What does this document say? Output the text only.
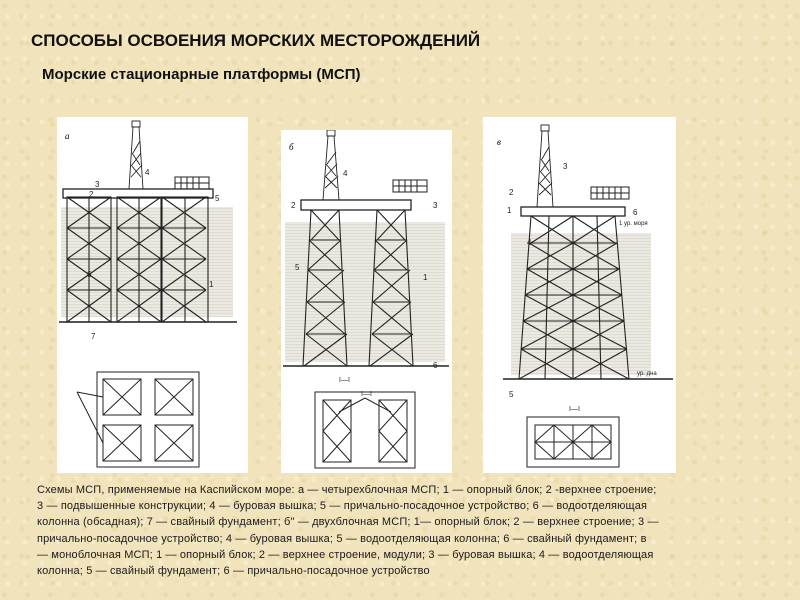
СПОСОБЫ ОСВОЕНИЯ МОРСКИХ МЕСТОРОЖДЕНИЙ
Морские стационарные платформы (МСП)
а
4
3
2	5
6
1
7
б
4
2	3
5
1
6
I—I
I—I
в
3
2
1	6
4
5
1 ур. моря
ур. дна
I—I

Схемы МСП, применяемые на Каспийском море: а — четырехблочная МСП; 1 — опорный блок; 2 -верхнее строение;
3 — подвышенные конструкции; 4 — буровая вышка; 5 — причально-посадочное устройство; 6 — водоотделяющая
колонна (обсадная); 7 — свайный фундамент; б" — двухблочная МСП; 1— опорный блок; 2 — верхнее строение; 3 —
причально-посадочное устройство; 4 — буровая вышка; 5 — водоотделяющая колонна; 6 — свайный фундамент; в
— моноблочная МСП; 1 — опорный блок; 2 — верхнее строение, модули; 3 — буровая вышка; 4 — водоотделяющая
колонна; 5 — свайный фундамент; 6 — причально-посадочное устройство
